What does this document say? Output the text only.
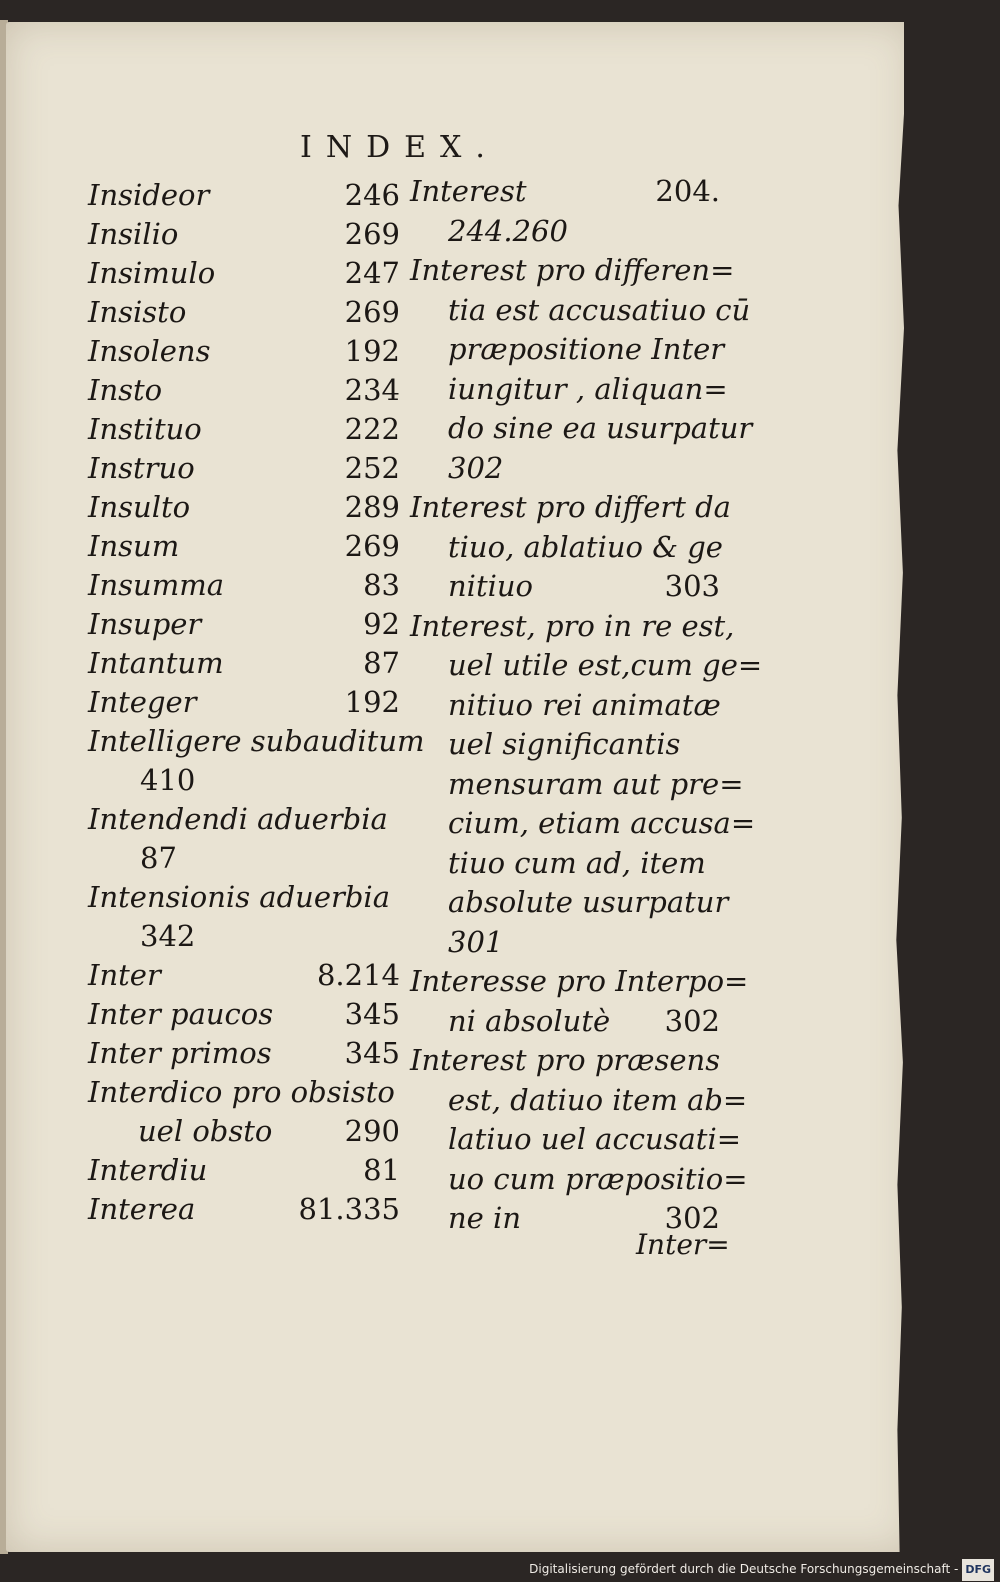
INDEX.
Insideor	246
Insilio	269
Insimulo	247
Insisto	269
Insolens	192
Insto	234
Instituo	222
Instruo	252
Insulto	289
Insum	269
Insumma	83
Insuper	92
Intantum	87
Integer	192
Intelligere subauditum
410
Intendendi aduerbia
87
Intensionis aduerbia
342
Inter	8.214
Inter paucos 345
Inter primos	345
Interdico pro obsisto
uel obsto 290
Interdiu	81
Interea	81.335
Interest	204.
244.260
Interest pro differen=
tia est accusatiuo cū
præpositione Inter
iungitur , aliquan=
do sine ea usurpatur
302
Interest pro differt da
tiuo, ablatiuo & ge
nitiuo	303
Interest, pro in re est,
uel utile est,cum ge=
nitiuo rei animatæ
uel significantis
mensuram aut pre=
cium, etiam accusa=
tiuo cum ad, item
absolute usurpatur
301
Interesse pro Interpo=
ni absolutè 302
Interest pro præsens
est, datiuo item ab=
latiuo uel accusati=
uo cum præpositio=
ne in	302
Inter=
Digitalisierung gefördert durch die Deutsche Forschungsgemeinschaft - DFG
